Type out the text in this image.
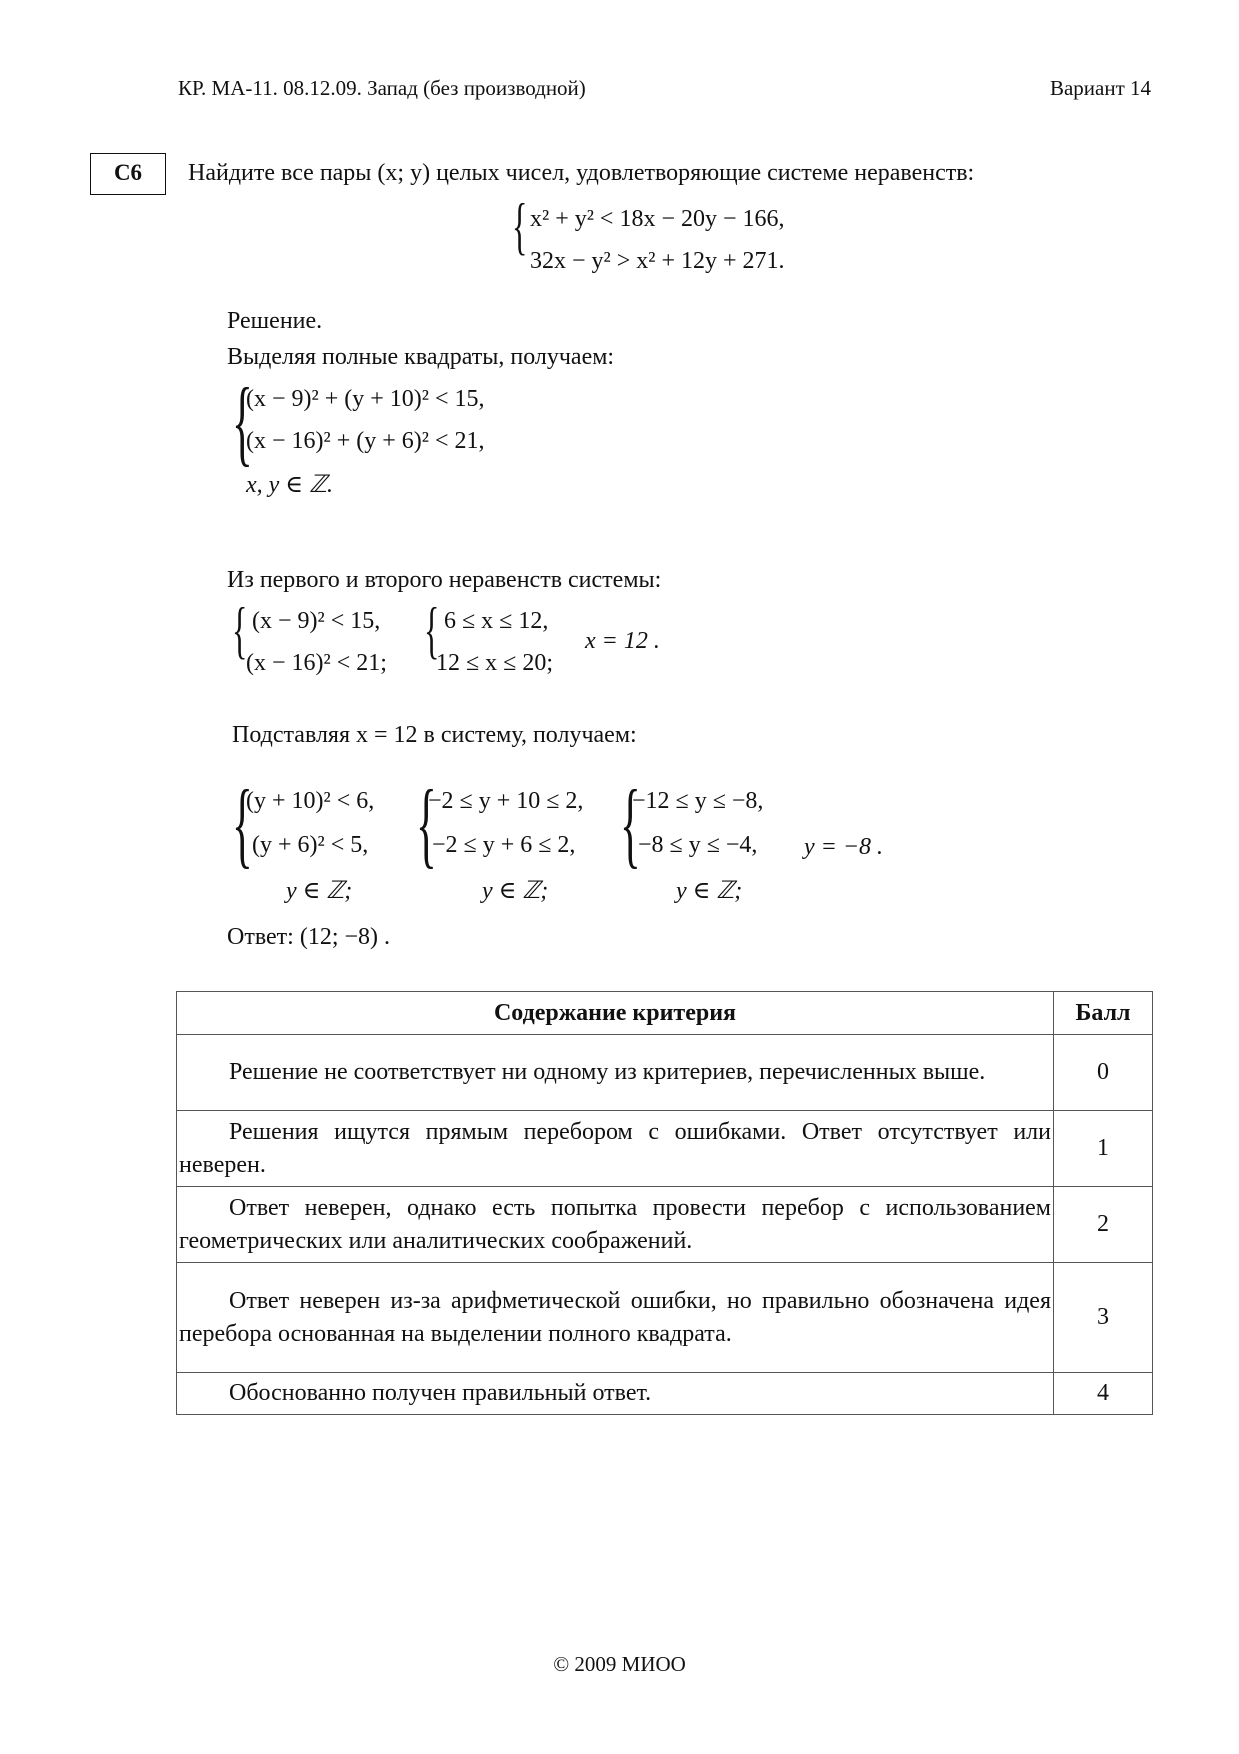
КР. МА-11. 08.12.09. Запад (без производной)	Вариант 14
C6	Найдите все пары (x; y) целых чисел, удовлетворяющие системе неравенств:
{ x² + y² < 18x − 20y − 166,
32x − y² > x² + 12y + 271.
Решение.
Выделяя полные квадраты, получаем:
{
(x − 9)² + (y + 10)² < 15,
(x − 16)² + (y + 6)² < 21,
x, y ∈ ℤ.
Из первого и второго неравенств системы:
{ (x − 9)² < 15,
(x − 16)² < 21; { 6 ≤ x ≤ 12,
12 ≤ x ≤ 20;
x = 12 .
Подставляя x = 12 в систему, получаем:
{
(y + 10)² < 6,
(y + 6)² < 5,
y ∈ ℤ;
{
−2 ≤ y + 10 ≤ 2,
−2 ≤ y + 6 ≤ 2,
y ∈ ℤ;
{
−12 ≤ y ≤ −8,
−8 ≤ y ≤ −4,
y ∈ ℤ;
y = −8 .
Ответ: (12; −8) .
Содержание критерия	Балл
Решение не соответствует ни одному из критериев, перечисленных выше.	0
Решения ищутся прямым перебором с ошибками. Ответ отсутствует или неверен.	1
Ответ неверен, однако есть попытка провести перебор с использованием геометрических или аналитических соображений.	2
Ответ неверен из-за арифметической ошибки, но правильно обозначена идея перебора основанная на выделении полного квадрата.	3
Обоснованно получен правильный ответ.	4
© 2009 МИОО
